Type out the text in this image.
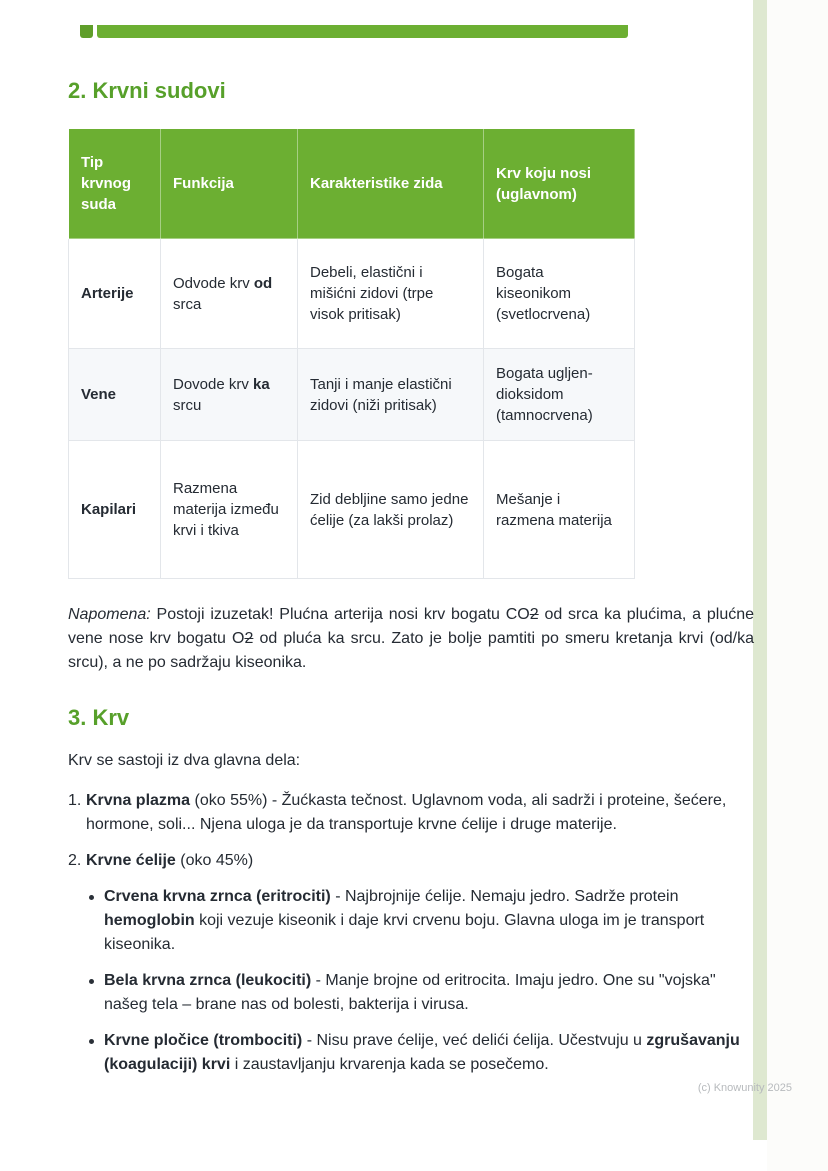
2. Krvni sudovi
Tip krvnog suda	Funkcija	Karakteristike zida	Krv koju nosi (uglavnom)
Arterije	Odvode krv od srca	Debeli, elastični i mišićni zidovi (trpe visok pritisak)	Bogata kiseonikom (svetlocrvena)
Vene	Dovode krv ka srcu	Tanji i manje elastični zidovi (niži pritisak)	Bogata ugljen-dioksidom (tamnocrvena)
Kapilari	Razmena materija između krvi i tkiva	Zid debljine samo jedne ćelije (za lakši prolaz)	Mešanje i razmena materija

Napomena: Postoji izuzetak! Plućna arterija nosi krv bogatu CO2 od srca ka plućima, a plućne vene nose krv bogatu O2 od pluća ka srcu. Zato je bolje pamtiti po smeru kretanja krvi (od/ka srcu), a ne po sadržaju kiseonika.

3. Krv

Krv se sastoji iz dva glavna dela:

1. Krvna plazma (oko 55%) - Žućkasta tečnost. Uglavnom voda, ali sadrži i proteine, šećere, hormone, soli... Njena uloga je da transportuje krvne ćelije i druge materije.
2. Krvne ćelije (oko 45%)
Crvena krvna zrnca (eritrociti) - Najbrojnije ćelije. Nemaju jedro. Sadrže protein hemoglobin koji vezuje kiseonik i daje krvi crvenu boju. Glavna uloga im je transport kiseonika.
Bela krvna zrnca (leukociti) - Manje brojne od eritrocita. Imaju jedro. One su "vojska" našeg tela – brane nas od bolesti, bakterija i virusa.
Krvne pločice (trombociti) - Nisu prave ćelije, već delići ćelija. Učestvuju u zgrušavanju (koagulaciji) krvi i zaustavljanju krvarenja kada se posečemo.
(c) Knowunity 2025
